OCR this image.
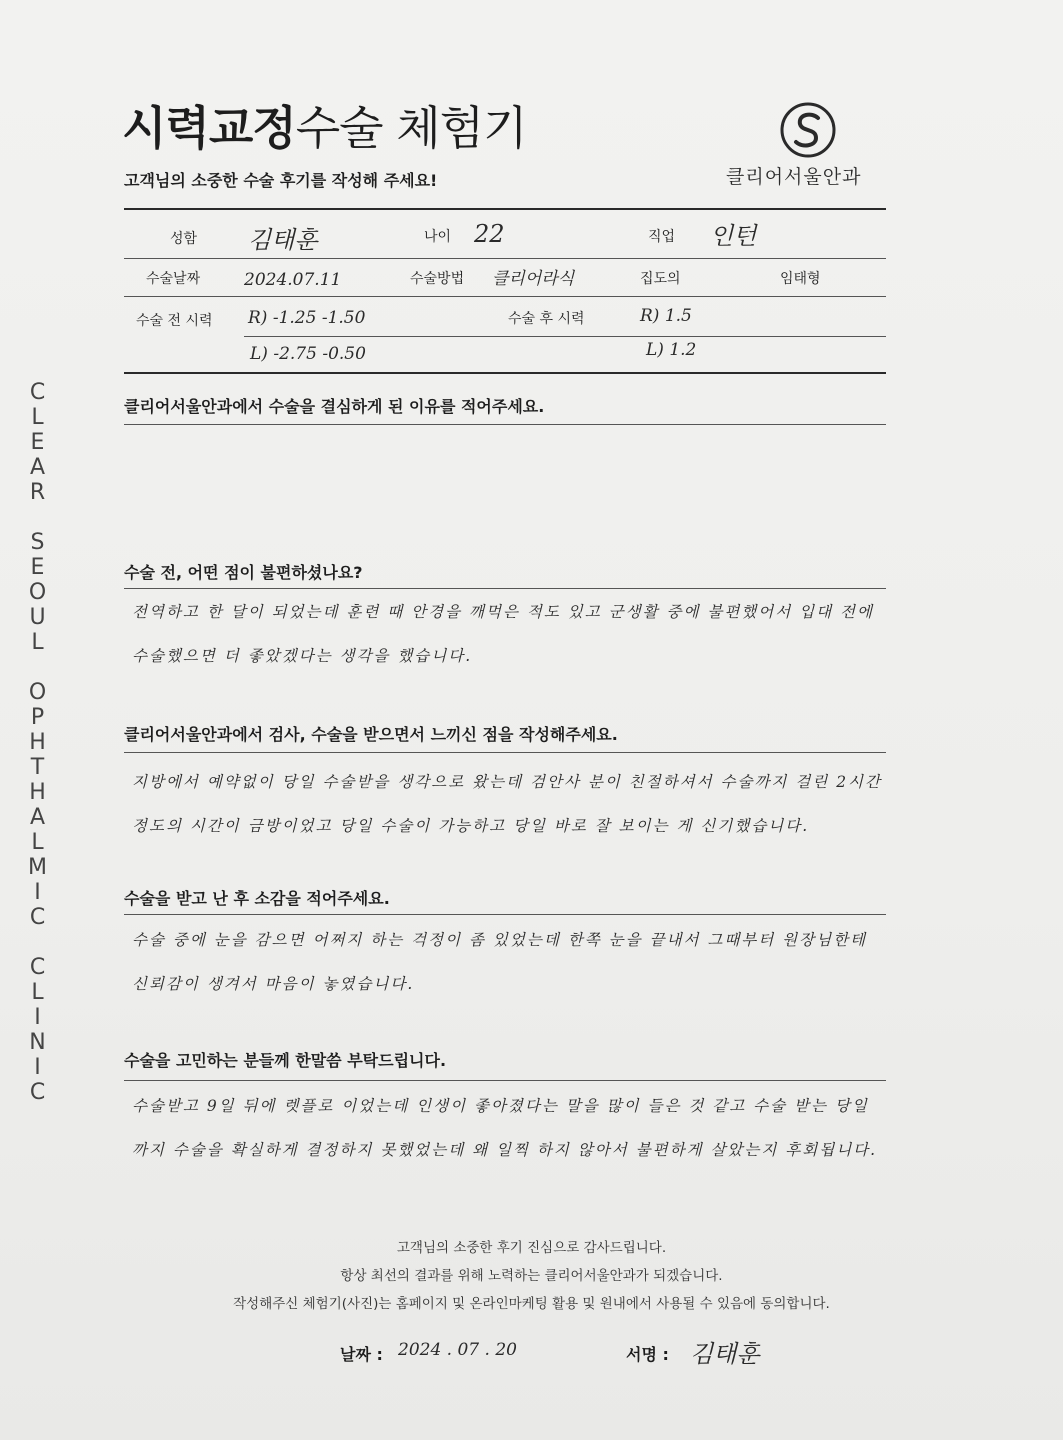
시력교정수술 체험기
고객님의 소중한 수술 후기를 작성해 주세요!	클리어서울안과
CLEAR SEOUL OPHTHALMIC CLINIC
성함 김태훈	나이 22	직업 인턴
수술날짜	2024.07.11	수술방법 클리어라식	집도의	임태형
수술 전 시력 R) -1.25 -1.50
L) -2.75 -0.50
수술 후 시력	R) 1.5
L) 1.2
클리어서울안과에서 수술을 결심하게 된 이유를 적어주세요.
수술 전, 어떤 점이 불편하셨나요?
전역하고 한 달이 되었는데 훈련 때 안경을 깨먹은 적도 있고 군생활 중에 불편했어서 입대 전에 수술했으면 더 좋았겠다는 생각을 했습니다.
클리어서울안과에서 검사, 수술을 받으면서 느끼신 점을 작성해주세요.
지방에서 예약없이 당일 수술받을 생각으로 왔는데 검안사 분이 친절하셔서 수술까지 걸린 2시간 정도의 시간이 금방이었고 당일 수술이 가능하고 당일 바로 잘 보이는 게 신기했습니다.
수술을 받고 난 후 소감을 적어주세요.
수술 중에 눈을 감으면 어쩌지 하는 걱정이 좀 있었는데 한쪽 눈을 끝내서 그때부터 원장님한테 신뢰감이 생겨서 마음이 놓였습니다.
수술을 고민하는 분들께 한말씀 부탁드립니다.
수술받고 9일 뒤에 렛플로 이었는데 인생이 좋아졌다는 말을 많이 들은 것 같고 수술 받는 당일까지 수술을 확실하게 결정하지 못했었는데 왜 일찍 하지 않아서 불편하게 살았는지 후회됩니다.
고객님의 소중한 후기 진심으로 감사드립니다.
항상 최선의 결과를 위해 노력하는 클리어서울안과가 되겠습니다.
작성해주신 체험기(사진)는 홈페이지 및 온라인마케팅 활용 및 원내에서 사용될 수 있음에 동의합니다.
날짜 : 2024 . 07 . 20	서명 : 김태훈
